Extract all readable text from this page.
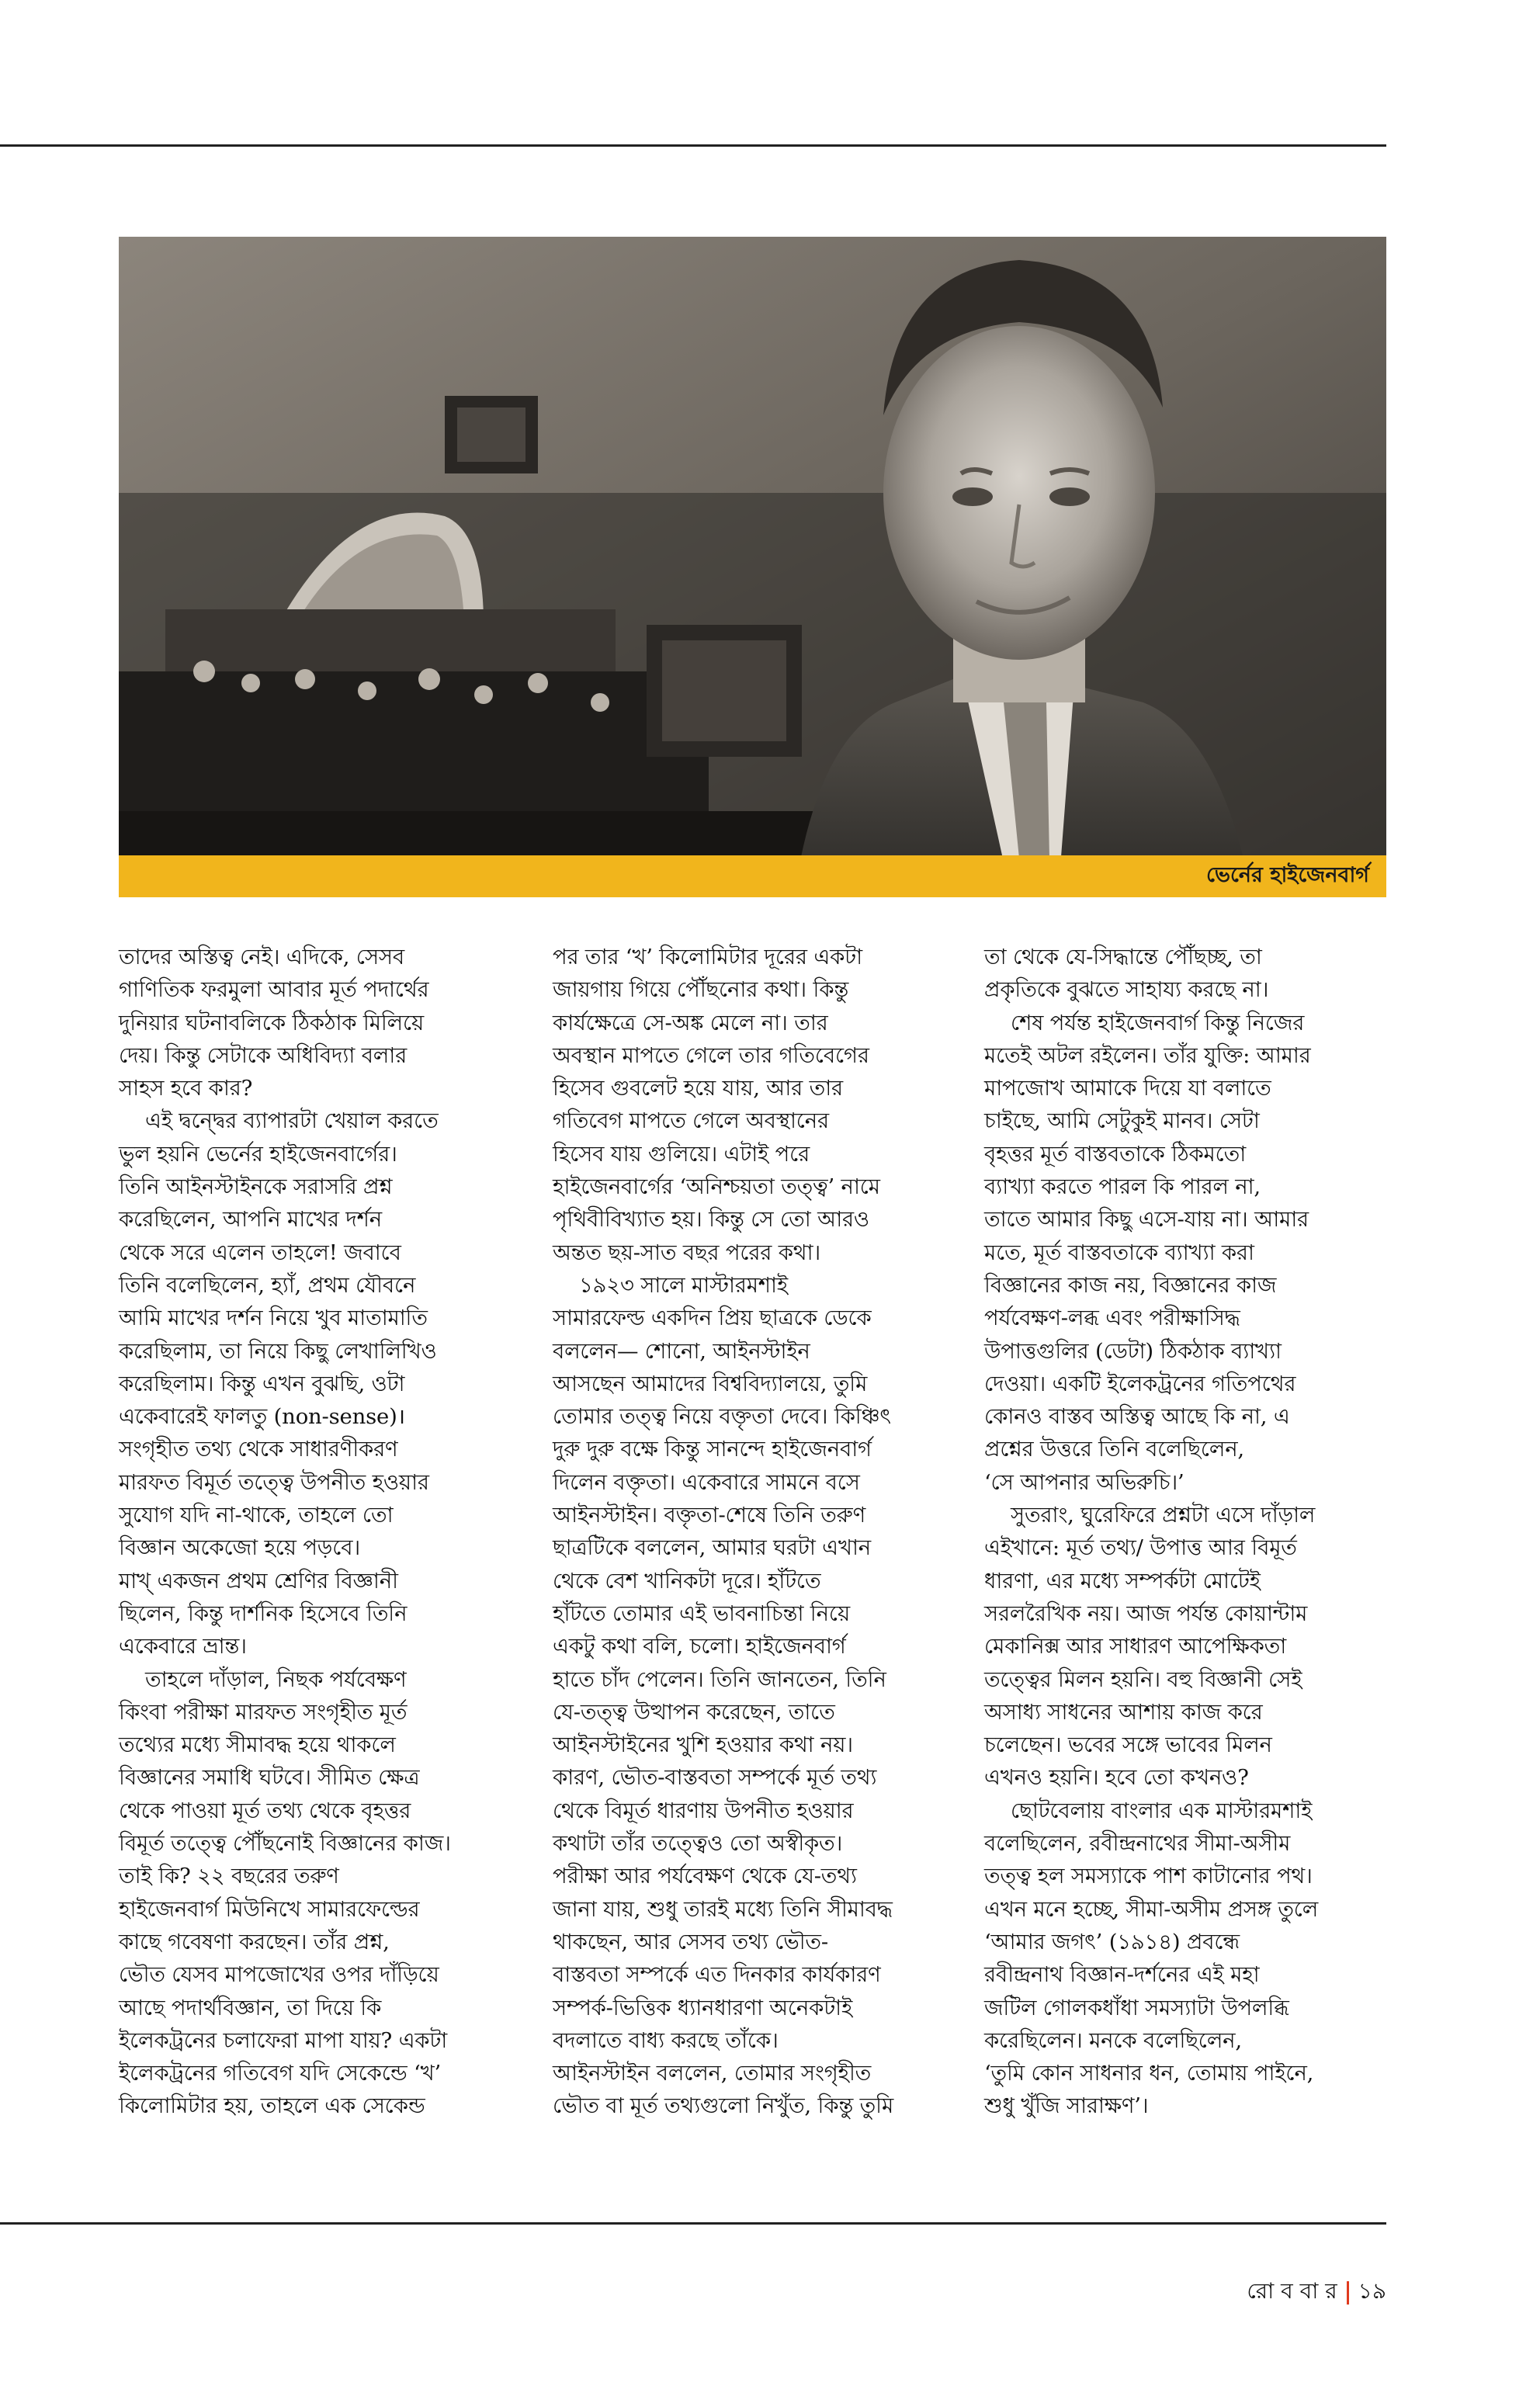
ভের্নের হাইজেনবার্গ
তাদের অস্তিত্ব নেই। এদিকে, সেসব
গাণিতিক ফরমুলা আবার মূর্ত পদার্থের
দুনিয়ার ঘটনাবলিকে ঠিকঠাক মিলিয়ে
দেয়। কিন্তু সেটাকে অধিবিদ্যা বলার
সাহস হবে কার?
এই দ্বন্দ্বের ব্যাপারটা খেয়াল করতে
ভুল হয়নি ভের্নের হাইজেনবার্গের।
তিনি আইনস্টাইনকে সরাসরি প্রশ্ন
করেছিলেন, আপনি মাখের দর্শন
থেকে সরে এলেন তাহলে! জবাবে
তিনি বলেছিলেন, হ্যাঁ, প্রথম যৌবনে
আমি মাখের দর্শন নিয়ে খুব মাতামাতি
করেছিলাম, তা নিয়ে কিছু লেখালিখিও
করেছিলাম। কিন্তু এখন বুঝছি, ওটা
একেবারেই ফালতু (non-sense)।
সংগৃহীত তথ্য থেকে সাধারণীকরণ
মারফত বিমূর্ত তত্ত্বে উপনীত হওয়ার
সুযোগ যদি না-থাকে, তাহলে তো
বিজ্ঞান অকেজো হয়ে পড়বে।
মাখ্‌ একজন প্রথম শ্রেণির বিজ্ঞানী
ছিলেন, কিন্তু দার্শনিক হিসেবে তিনি
একেবারে ভ্রান্ত।
তাহলে দাঁড়াল, নিছক পর্যবেক্ষণ
কিংবা পরীক্ষা মারফত সংগৃহীত মূর্ত
তথ্যের মধ্যে সীমাবদ্ধ হয়ে থাকলে
বিজ্ঞানের সমাধি ঘটবে। সীমিত ক্ষেত্র
থেকে পাওয়া মূর্ত তথ্য থেকে বৃহত্তর
বিমূর্ত তত্ত্বে পৌঁছনোই বিজ্ঞানের কাজ।
তাই কি? ২২ বছরের তরুণ
হাইজেনবার্গ মিউনিখে সামারফেল্ডের
কাছে গবেষণা করছেন। তাঁর প্রশ্ন,
ভৌত যেসব মাপজোখের ওপর দাঁড়িয়ে
আছে পদার্থবিজ্ঞান, তা দিয়ে কি
ইলেকট্রনের চলাফেরা মাপা যায়? একটা
ইলেকট্রনের গতিবেগ যদি সেকেন্ডে ‘খ’
কিলোমিটার হয়, তাহলে এক সেকেন্ড
পর তার ‘খ’ কিলোমিটার দূরের একটা
জায়গায় গিয়ে পৌঁছনোর কথা। কিন্তু
কার্যক্ষেত্রে সে-অঙ্ক মেলে না। তার
অবস্থান মাপতে গেলে তার গতিবেগের
হিসেব গুবলেট হয়ে যায়, আর তার
গতিবেগ মাপতে গেলে অবস্থানের
হিসেব যায় গুলিয়ে। এটাই পরে
হাইজেনবার্গের ‘অনিশ্চয়তা তত্ত্ব’ নামে
পৃথিবীবিখ্যাত হয়। কিন্তু সে তো আরও
অন্তত ছয়-সাত বছর পরের কথা।
১৯২৩ সালে মাস্টারমশাই
সামারফেল্ড একদিন প্রিয় ছাত্রকে ডেকে
বললেন— শোনো, আইনস্টাইন
আসছেন আমাদের বিশ্ববিদ্যালয়ে, তুমি
তোমার তত্ত্ব নিয়ে বক্তৃতা দেবে। কিঞ্চিৎ
দুরু দুরু বক্ষে কিন্তু সানন্দে হাইজেনবার্গ
দিলেন বক্তৃতা। একেবারে সামনে বসে
আইনস্টাইন। বক্তৃতা-শেষে তিনি তরুণ
ছাত্রটিকে বললেন, আমার ঘরটা এখান
থেকে বেশ খানিকটা দূরে। হাঁটতে
হাঁটতে তোমার এই ভাবনাচিন্তা নিয়ে
একটু কথা বলি, চলো। হাইজেনবার্গ
হাতে চাঁদ পেলেন। তিনি জানতেন, তিনি
যে-তত্ত্ব উত্থাপন করেছেন, তাতে
আইনস্টাইনের খুশি হওয়ার কথা নয়।
কারণ, ভৌত-বাস্তবতা সম্পর্কে মূর্ত তথ্য
থেকে বিমূর্ত ধারণায় উপনীত হওয়ার
কথাটা তাঁর তত্ত্বেও তো অস্বীকৃত।
পরীক্ষা আর পর্যবেক্ষণ থেকে যে-তথ্য
জানা যায়, শুধু তারই মধ্যে তিনি সীমাবদ্ধ
থাকছেন, আর সেসব তথ্য ভৌত-
বাস্তবতা সম্পর্কে এত দিনকার কার্যকারণ
সম্পর্ক-ভিত্তিক ধ্যানধারণা অনেকটাই
বদলাতে বাধ্য করছে তাঁকে।
আইনস্টাইন বললেন, তোমার সংগৃহীত
ভৌত বা মূর্ত তথ্যগুলো নিখুঁত, কিন্তু তুমি
তা থেকে যে-সিদ্ধান্তে পৌঁছচ্ছ, তা
প্রকৃতিকে বুঝতে সাহায্য করছে না।
শেষ পর্যন্ত হাইজেনবার্গ কিন্তু নিজের
মতেই অটল রইলেন। তাঁর যুক্তি: আমার
মাপজোখ আমাকে দিয়ে যা বলাতে
চাইছে, আমি সেটুকুই মানব। সেটা
বৃহত্তর মূর্ত বাস্তবতাকে ঠিকমতো
ব্যাখ্যা করতে পারল কি পারল না,
তাতে আমার কিছু এসে-যায় না। আমার
মতে, মূর্ত বাস্তবতাকে ব্যাখ্যা করা
বিজ্ঞানের কাজ নয়, বিজ্ঞানের কাজ
পর্যবেক্ষণ-লব্ধ এবং পরীক্ষাসিদ্ধ
উপাত্তগুলির (ডেটা) ঠিকঠাক ব্যাখ্যা
দেওয়া। একটি ইলেকট্রনের গতিপথের
কোনও বাস্তব অস্তিত্ব আছে কি না, এ
প্রশ্নের উত্তরে তিনি বলেছিলেন,
‘সে আপনার অভিরুচি।’
সুতরাং, ঘুরেফিরে প্রশ্নটা এসে দাঁড়াল
এইখানে: মূর্ত তথ্য/ উপাত্ত আর বিমূর্ত
ধারণা, এর মধ্যে সম্পর্কটা মোটেই
সরলরৈখিক নয়। আজ পর্যন্ত কোয়ান্টাম
মেকানিক্স আর সাধারণ আপেক্ষিকতা
তত্ত্বের মিলন হয়নি। বহু বিজ্ঞানী সেই
অসাধ্য সাধনের আশায় কাজ করে
চলেছেন। ভবের সঙ্গে ভাবের মিলন
এখনও হয়নি। হবে তো কখনও?
ছোটবেলায় বাংলার এক মাস্টারমশাই
বলেছিলেন, রবীন্দ্রনাথের সীমা-অসীম
তত্ত্ব হল সমস্যাকে পাশ কাটানোর পথ।
এখন মনে হচ্ছে, সীমা-অসীম প্রসঙ্গ তুলে
‘আমার জগৎ’ (১৯১৪) প্রবন্ধে
রবীন্দ্রনাথ বিজ্ঞান-দর্শনের এই মহা
জটিল গোলকধাঁধা সমস্যাটা উপলব্ধি
করেছিলেন। মনকে বলেছিলেন,
‘তুমি কোন সাধনার ধন, তোমায় পাইনে,
শুধু খুঁজি সারাক্ষণ’।
রো ব বা র ১৯
